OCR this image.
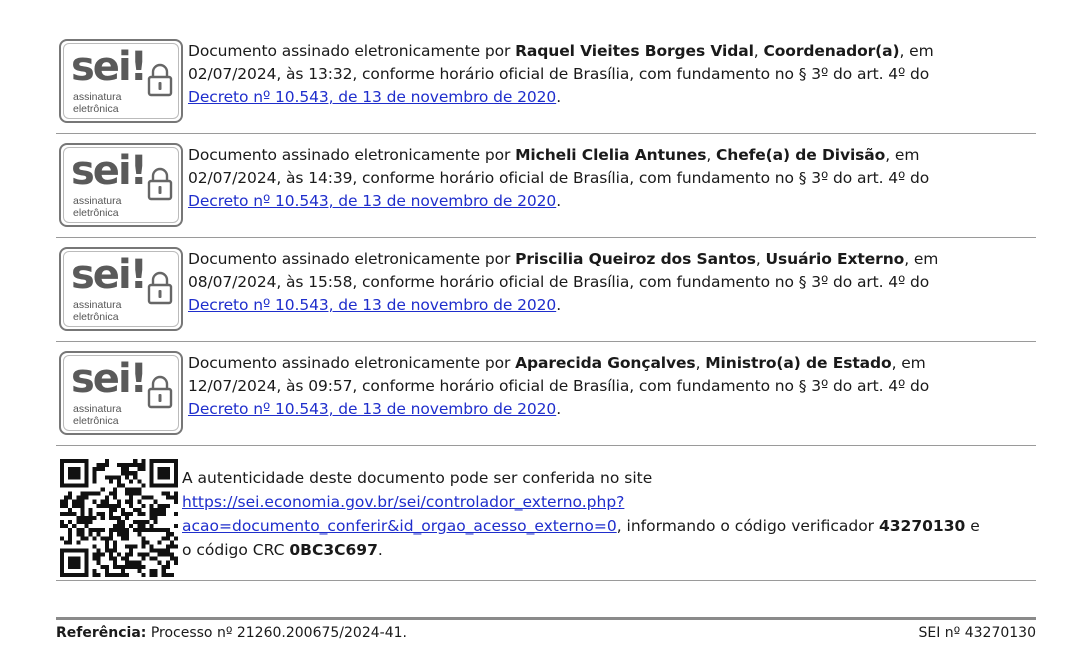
sei!
assinatura
eletrônica
Documento assinado eletronicamente por Raquel Vieites Borges Vidal, Coordenador(a), em
02/07/2024, às 13:32, conforme horário oficial de Brasília, com fundamento no § 3º do art. 4º do
Decreto nº 10.543, de 13 de novembro de 2020.
sei!
assinatura
eletrônica
Documento assinado eletronicamente por Micheli Clelia Antunes, Chefe(a) de Divisão, em
02/07/2024, às 14:39, conforme horário oficial de Brasília, com fundamento no § 3º do art. 4º do
Decreto nº 10.543, de 13 de novembro de 2020.
sei!
assinatura
eletrônica
Documento assinado eletronicamente por Priscilia Queiroz dos Santos, Usuário Externo, em
08/07/2024, às 15:58, conforme horário oficial de Brasília, com fundamento no § 3º do art. 4º do
Decreto nº 10.543, de 13 de novembro de 2020.
sei!
assinatura
eletrônica
Documento assinado eletronicamente por Aparecida Gonçalves, Ministro(a) de Estado, em
12/07/2024, às 09:57, conforme horário oficial de Brasília, com fundamento no § 3º do art. 4º do
Decreto nº 10.543, de 13 de novembro de 2020.
A autenticidade deste documento pode ser conferida no site
https://sei.economia.gov.br/sei/controlador_externo.php?
acao=documento_conferir&id_orgao_acesso_externo=0, informando o código verificador 43270130 e
o código CRC 0BC3C697.
Referência: Processo nº 21260.200675/2024-41.	SEI nº 43270130
